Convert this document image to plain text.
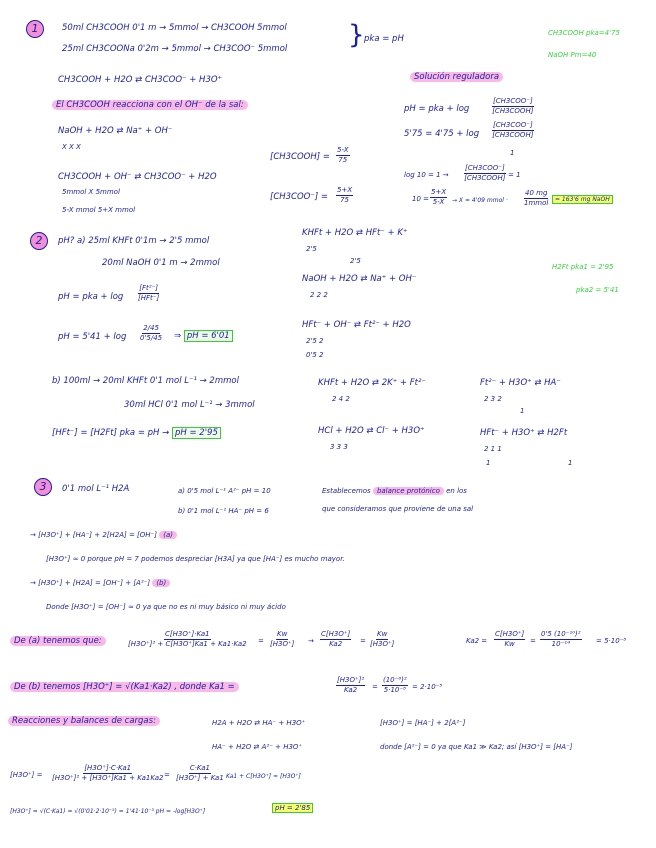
1	50ml CH3COOH 0'1 m → 5mmol → CH3COOH 5mmol
25ml CH3COONa 0'2m → 5mmol → CH3COO⁻ 5mmol } pka = pH
CH3COOH pka=4'75
NaOH Pm=40
CH3COOH + H2O ⇄ CH3COO⁻ + H3O⁺	Solución reguladora
El CH3COOH reacciona con el OH⁻ de la sal:
NaOH + H2O ⇄ Na⁺ + OH⁻
X X X
CH3COOH + OH⁻ ⇄ CH3COO⁻ + H2O
5mmol X 5mmol
5-X mmol 5+X mmol
[CH3COOH] = $\frac{5-X}{75}$
$[CH3COO^-] = \frac{5+X}{75}$
pH = pka + log
[CH3COO⁻]
[CH3COOH]
5'75 = 4'75 + log
[CH3COO⁻]
[CH3COOH]
1
log 10 = 1 →
[CH3COO⁻]
[CH3COOH] = 1
$10 = \frac{5+X}{5-X} \to X = 4'09$ mmol ·
40 mg
1mmol	= 163'6 mg NaOH
2	pH? a) 25ml KHFt 0'1m → 2'5 mmol
20ml NaOH 0'1 m → 2mmol
pH = pka + log
[Ft²⁻]
[HFt⁻]
pH = $5'41 + \log \frac{2/45}{0'5/45}$ ⇒ pH = 6'01
KHFt + H2O ⇄ HFt⁻ + K⁺
2'5
2'5
NaOH + H2O ⇄ Na⁺ + OH⁻
2 2 2
HFt⁻ + OH⁻ ⇄ Ft²⁻ + H2O
2'5 2
0'5 2
H2Ft pka1 = 2'95
pka2 = 5'41
b) 100ml → 20ml KHFt 0'1 mol L⁻¹ → 2mmol
30ml HCl 0'1 mol L⁻¹ → 3mmol
[HFt⁻] = [H2Ft] pka = pH → pH = 2'95
KHFt + H2O ⇄ 2K⁺ + Ft²⁻
2 4 2
HCl + H2O ⇄ Cl⁻ + H3O⁺
3 3 3
Ft²⁻ + H3O⁺ ⇄ HA⁻
2 3 2
1
HFt⁻ + H3O⁺ ⇄ H2Ft
2 1 1
1	1
3	0'1 mol L⁻¹ H2A	a) 0'5 mol L⁻¹ A²⁻ pH = 10
b) 0'1 mol L⁻¹ HA⁻ pH = 6
Establecemos balance protónico en los
que consideramos que proviene de una sal
→ [H3O⁺] + [HA⁻] + 2[H2A] = [OH⁻] (a)
[H3O⁺] ≈ 0 porque pH = 7 podemos despreciar [H3A] ya que [HA⁻] es mucho mayor.
→ [H3O⁺] + [H2A] = [OH⁻] + [A²⁻] (b)
Donde [H3O⁺] = [OH⁻] ≈ 0 ya que no es ni muy básico ni muy ácido
De (a) tenemos que:	$\frac{C[H3O^+]\cdot Ka1}{\text{[H3O⁺]² + C[H3O⁺]Ka1 + Ka1·Ka2}} = \frac{Kw}{[H3O^+]} \to \frac{C[H3O^+]}{Ka2} = \frac{Kw}{[H3O^+]}$	$Ka2 = \frac{C[H3O^+]}{Kw} = \frac{\text{0'5 (10⁻¹⁰)²}}{\text{10⁻¹⁴}} = 5\cdot 10^{-8}$
De (b) tenemos [H3O⁺] = √(Ka1·Ka2) , donde Ka1 =	$\frac{\text{[H3O⁺]²}}{Ka2} = \frac{\text{(10⁻⁶)²}}{\text{5·10⁻⁸}} = 2\cdot 10^{-5}$
Reacciones y balances de cargas:	H2A + H2O ⇄ HA⁻ + H3O⁺	[H3O⁺] = [HA⁻] + 2[A²⁻]
HA⁻ + H2O ⇄ A²⁻ + H3O⁺	donde [A²⁻] = 0 ya que Ka1 ≫ Ka2; así [H3O⁺] = [HA⁻]
$[H3O^+] = \frac{[H3O^+]\cdot C\cdot Ka1}{\text{[H3O⁺]² + [H3O⁺]Ka1 + Ka1Ka2}} = \frac{C\cdot Ka1}{[H3O^+] + Ka1} Ka1 + C[H3O^+] \approx [H3O^+]$
[H3O⁺] = √(C·Ka1) = √(0'01·2·10⁻⁵) = 1'41·10⁻³ pH = -log[H3O⁺]	pH = 2'85
